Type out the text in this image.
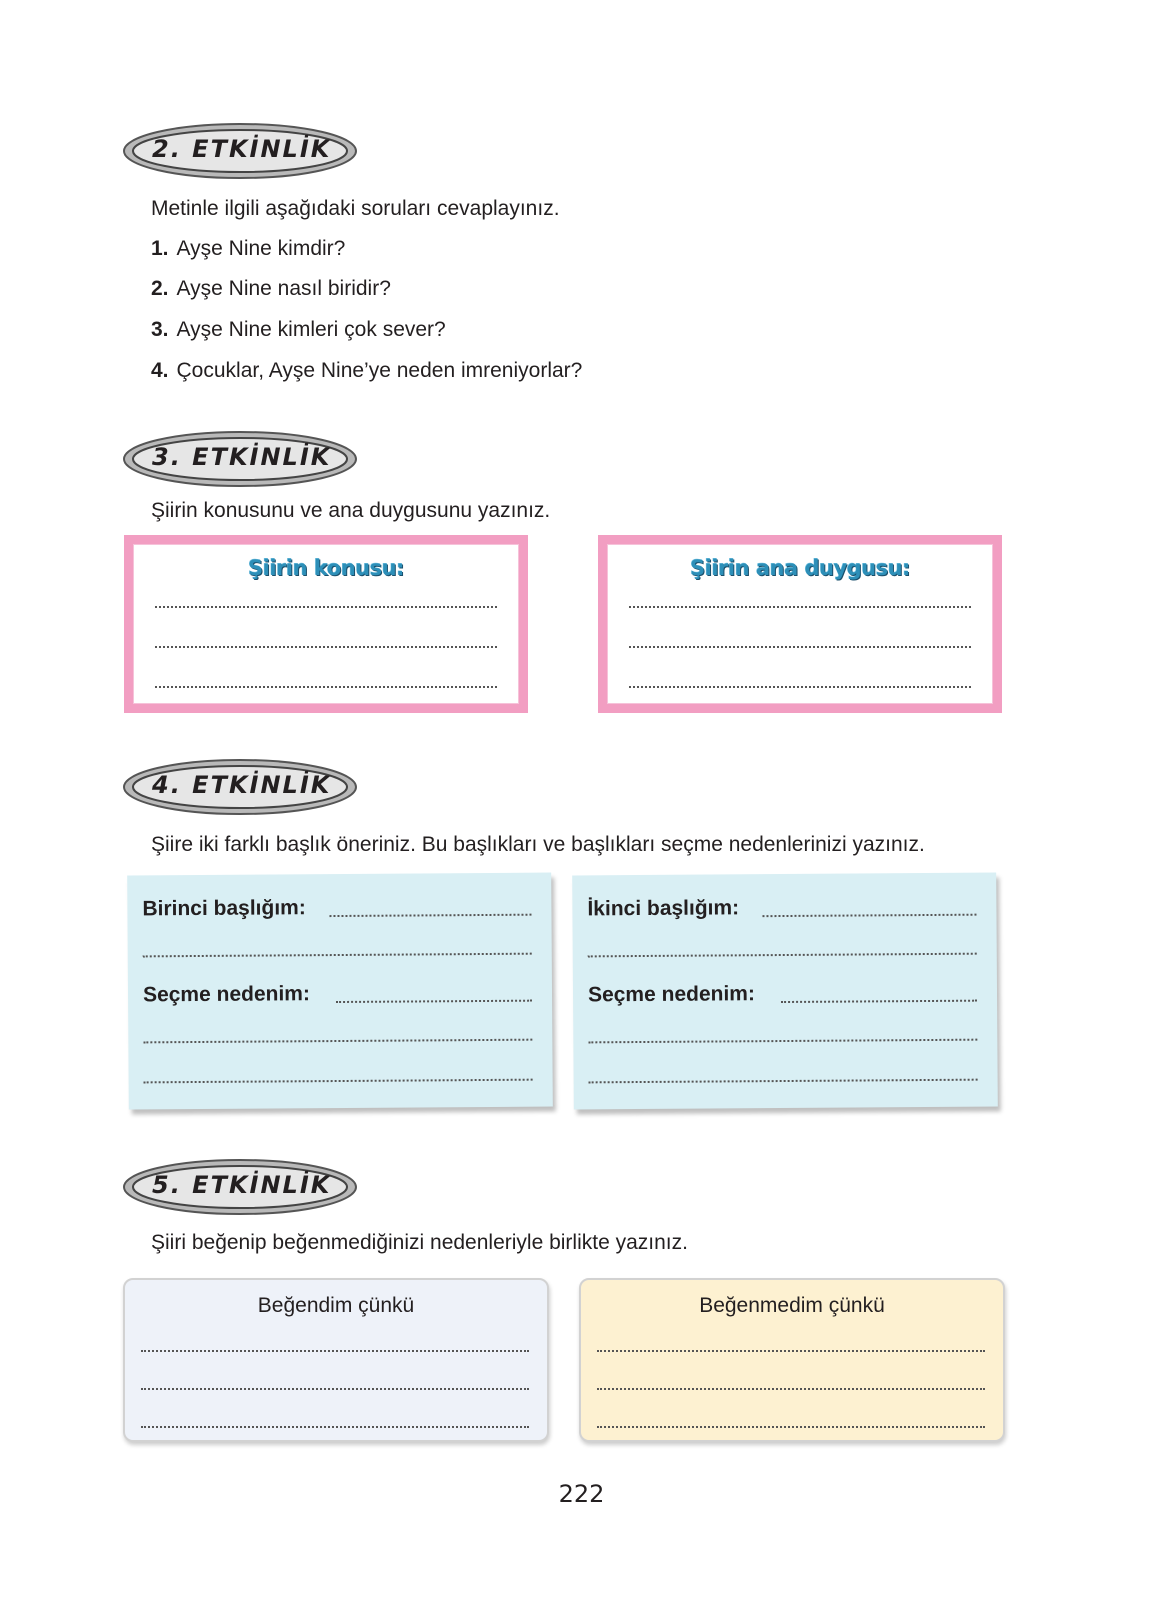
2. ETKİNLİK
Metinle ilgili aşağıdaki soruları cevaplayınız.
1. Ayşe Nine kimdir?
2. Ayşe Nine nasıl biridir?
3. Ayşe Nine kimleri çok sever?
4. Çocuklar, Ayşe Nine’ye neden imreniyorlar?
3. ETKİNLİK
Şiirin konusunu ve ana duygusunu yazınız.
Şiirin konusu:	Şiirin ana duygusu:
4. ETKİNLİK
Şiire iki farklı başlık öneriniz. Bu başlıkları ve başlıkları seçme nedenlerinizi yazınız.
Birinci başlığım:
Seçme nedenim:
İkinci başlığım:
Seçme nedenim:
5. ETKİNLİK
Şiiri beğenip beğenmediğinizi nedenleriyle birlikte yazınız.
Beğendim çünkü	Beğenmedim çünkü
222
